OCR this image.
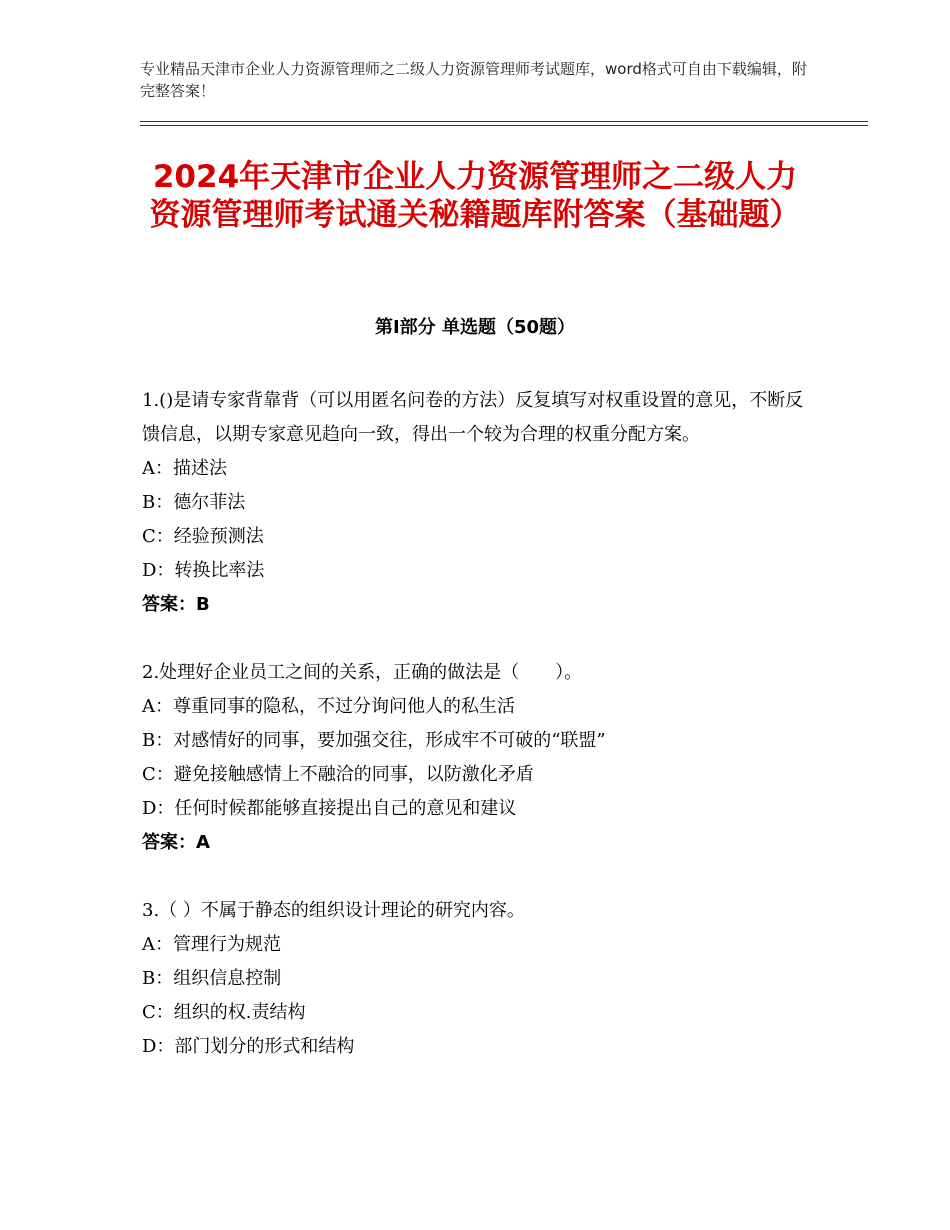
专业精品天津市企业人力资源管理师之二级人力资源管理师考试题库，word格式可自由下载编辑，附完整答案！
2024年天津市企业人力资源管理师之二级人力资源管理师考试通关秘籍题库附答案（基础题）
第Ⅰ部分 单选题（50题）
1.()是请专家背靠背（可以用匿名问卷的方法）反复填写对权重设置的意见，不断反馈信息，以期专家意见趋向一致，得出一个较为合理的权重分配方案。
A：描述法
B：德尔菲法
C：经验预测法
D：转换比率法
答案：B
2.处理好企业员工之间的关系，正确的做法是（　　）。
A：尊重同事的隐私，不过分询问他人的私生活
B：对感情好的同事，要加强交往，形成牢不可破的“联盟”
C：避免接触感情上不融洽的同事，以防激化矛盾
D：任何时候都能够直接提出自己的意见和建议
答案：A
3.（ ）不属于静态的组织设计理论的研究内容。
A：管理行为规范
B：组织信息控制
C：组织的权.责结构
D：部门划分的形式和结构
